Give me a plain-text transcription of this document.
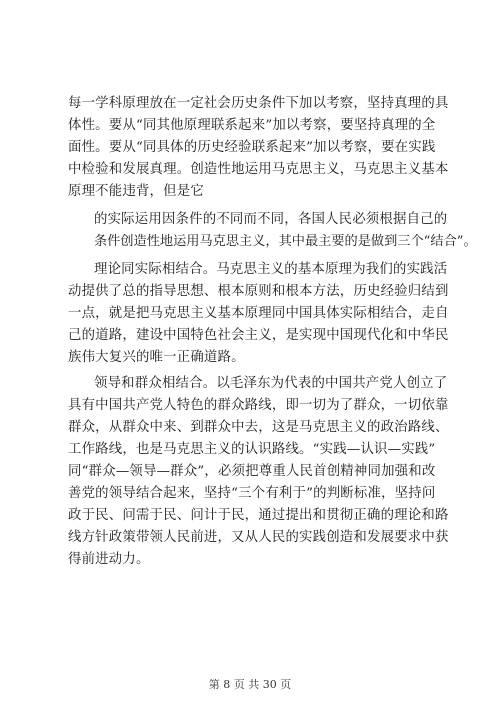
每一学科原理放在一定社会历史条件下加以考察，坚持真理的具
体性。要从“同其他原理联系起来”加以考察，要坚持真理的全
面性。要从“同具体的历史经验联系起来”加以考察，要在实践
中检验和发展真理。创造性地运用马克思主义，马克思主义基本
原理不能违背，但是它
的实际运用因条件的不同而不同，各国人民必须根据自己的
条件创造性地运用马克思主义，其中最主要的是做到三个“结合”。
理论同实际相结合。马克思主义的基本原理为我们的实践活
动提供了总的指导思想、根本原则和根本方法，历史经验归结到
一点，就是把马克思主义基本原理同中国具体实际相结合，走自
己的道路，建设中国特色社会主义，是实现中国现代化和中华民
族伟大复兴的唯一正确道路。
领导和群众相结合。以毛泽东为代表的中国共产党人创立了
具有中国共产党人特色的群众路线，即一切为了群众，一切依靠
群众，从群众中来、到群众中去，这是马克思主义的政治路线、
工作路线，也是马克思主义的认识路线。“实践—认识—实践”
同“群众—领导—群众”，必须把尊重人民首创精神同加强和改
善党的领导结合起来，坚持“三个有利于”的判断标准，坚持问
政于民、问需于民、问计于民，通过提出和贯彻正确的理论和路
线方针政策带领人民前进，又从人民的实践创造和发展要求中获
得前进动力。
第 8 页 共 30 页
